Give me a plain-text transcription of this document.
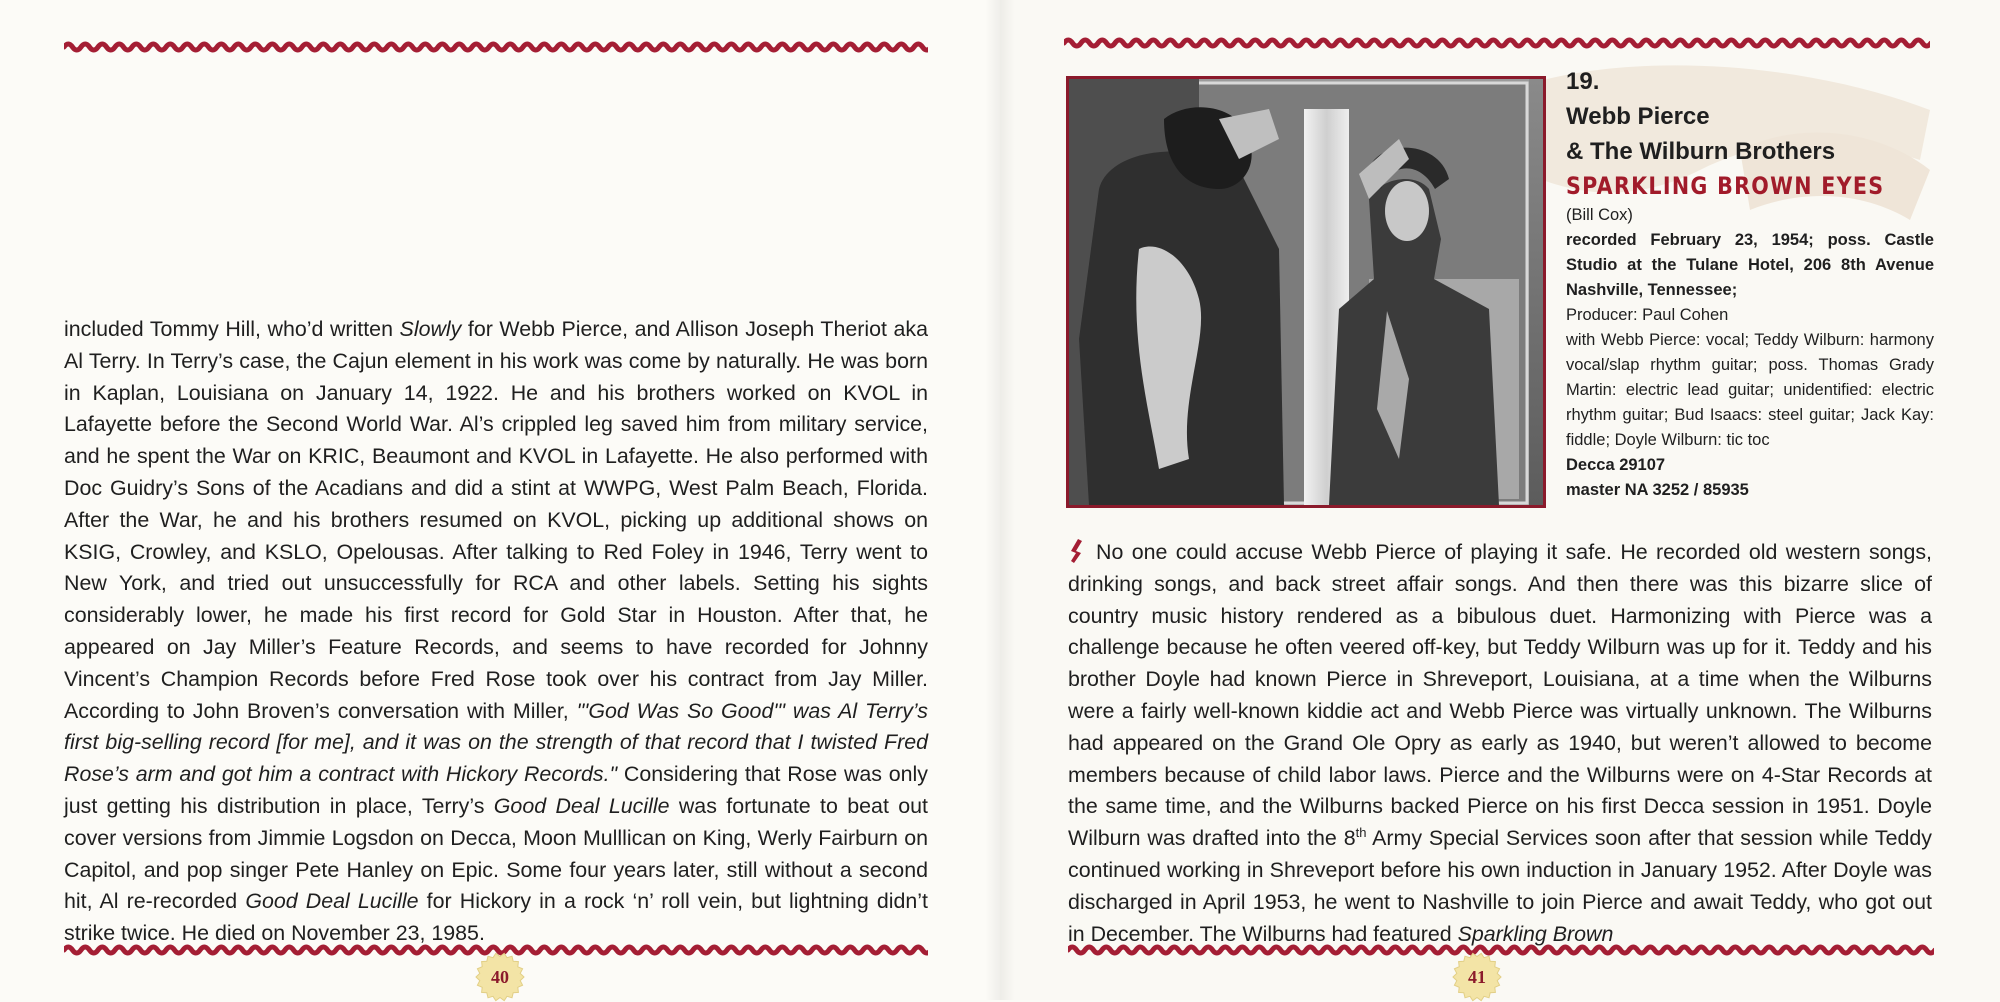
included Tommy Hill, who’d written Slowly for Webb Pierce, and Allison Joseph Theriot aka Al Terry. In Terry’s case, the Cajun element in his work was come by naturally. He was born in Kaplan, Louisiana on January 14, 1922. He and his brothers worked on KVOL in Lafayette before the Second World War. Al’s crippled leg saved him from military service, and he spent the War on KRIC, Beaumont and KVOL in Lafayette. He also performed with Doc Guidry’s Sons of the Acadians and did a stint at WWPG, West Palm Beach, Florida. After the War, he and his brothers resumed on KVOL, picking up additional shows on KSIG, Crowley, and KSLO, Opelousas. After talking to Red Foley in 1946, Terry went to New York, and tried out unsuccessfully for RCA and other labels. Setting his sights considerably lower, he made his first record for Gold Star in Houston. After that, he appeared on Jay Miller’s Feature Records, and seems to have recorded for Johnny Vincent’s Champion Records before Fred Rose took over his contract from Jay Miller. According to John Broven’s conversation with Miller, "'God Was So Good'" was Al Terry’s first big-selling record [for me], and it was on the strength of that record that I twisted Fred Rose’s arm and got him a contract with Hickory Records." Considering that Rose was only just getting his distribution in place, Terry’s Good Deal Lucille was fortunate to beat out cover versions from Jimmie Logsdon on Decca, Moon Mulllican on King, Werly Fairburn on Capitol, and pop singer Pete Hanley on Epic. Some four years later, still without a second hit, Al re-recorded Good Deal Lucille for Hickory in a rock ‘n’ roll vein, but lightning didn’t strike twice. He died on November 23, 1985.

40
19.
Webb Pierce
& The Wilburn Brothers
SPARKLING BROWN EYES
(Bill Cox)
recorded February 23, 1954; poss. Castle Studio at the Tulane Hotel, 206 8th Avenue Nashville, Tennessee;
Producer: Paul Cohen
with Webb Pierce: vocal; Teddy Wilburn: harmony vocal/slap rhythm guitar; poss. Thomas Grady Martin: electric lead guitar; unidentified: electric rhythm guitar; Bud Isaacs: steel guitar; Jack Kay: fiddle; Doyle Wilburn: tic toc
Decca 29107
master NA 3252 / 85935

No one could accuse Webb Pierce of playing it safe. He recorded old western songs, drinking songs, and back street affair songs. And then there was this bizarre slice of country music history rendered as a bibulous duet. Harmonizing with Pierce was a challenge because he often veered off-key, but Teddy Wilburn was up for it. Teddy and his brother Doyle had known Pierce in Shreveport, Louisiana, at a time when the Wilburns were a fairly well-known kiddie act and Webb Pierce was virtually unknown. The Wilburns had appeared on the Grand Ole Opry as early as 1940, but weren’t allowed to become members because of child labor laws. Pierce and the Wilburns were on 4-Star Records at the same time, and the Wilburns backed Pierce on his first Decca session in 1951. Doyle Wilburn was drafted into the 8th Army Special Services soon after that session while Teddy continued working in Shreveport before his own induction in January 1952. After Doyle was discharged in April 1953, he went to Nashville to join Pierce and await Teddy, who got out in December. The Wilburns had featured Sparkling Brown

41
